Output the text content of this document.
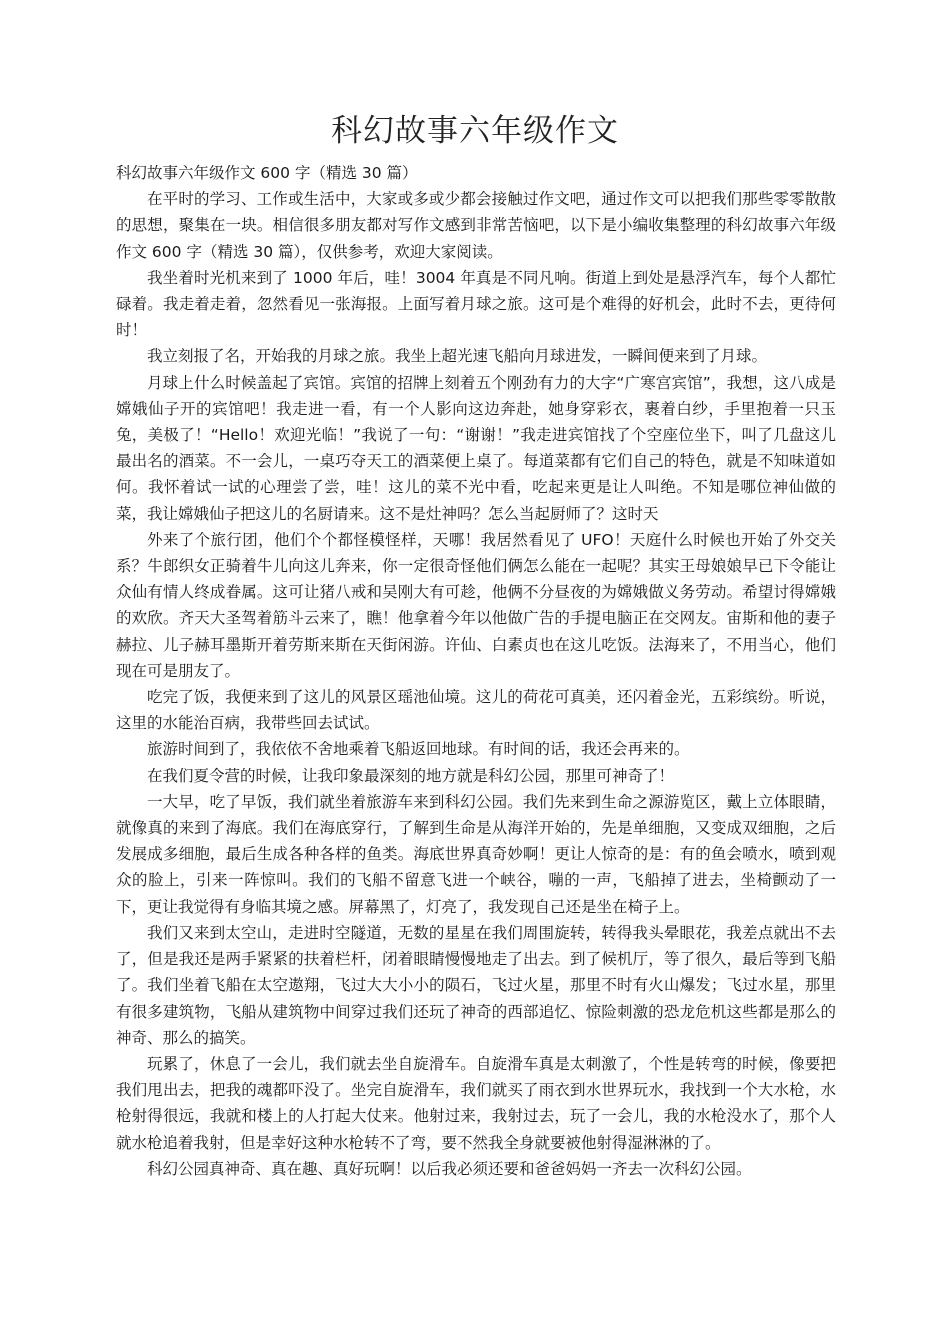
科幻故事六年级作文

科幻故事六年级作文 600 字（精选 30 篇）

在平时的学习、工作或生活中，大家或多或少都会接触过作文吧，通过作文可以把我们那些零零散散的思想，聚集在一块。相信很多朋友都对写作文感到非常苦恼吧，以下是小编收集整理的科幻故事六年级作文 600 字（精选 30 篇），仅供参考，欢迎大家阅读。

我坐着时光机来到了 1000 年后，哇！3004 年真是不同凡响。街道上到处是悬浮汽车，每个人都忙碌着。我走着走着，忽然看见一张海报。上面写着月球之旅。这可是个难得的好机会，此时不去，更待何时！

我立刻报了名，开始我的月球之旅。我坐上超光速飞船向月球进发，一瞬间便来到了月球。

月球上什么时候盖起了宾馆。宾馆的招牌上刻着五个刚劲有力的大字“广寒宫宾馆”，我想，这八成是嫦娥仙子开的宾馆吧！我走进一看，有一个人影向这边奔赴，她身穿彩衣，裹着白纱，手里抱着一只玉兔，美极了！“Hello！欢迎光临！”我说了一句：“谢谢！”我走进宾馆找了个空座位坐下，叫了几盘这儿最出名的酒菜。不一会儿，一桌巧夺天工的酒菜便上桌了。每道菜都有它们自己的特色，就是不知味道如何。我怀着试一试的心理尝了尝，哇！这儿的菜不光中看，吃起来更是让人叫绝。不知是哪位神仙做的菜，我让嫦娥仙子把这儿的名厨请来。这不是灶神吗？怎么当起厨师了？这时天

外来了个旅行团，他们个个都怪模怪样，天哪！我居然看见了 UFO！天庭什么时候也开始了外交关系？牛郎织女正骑着牛儿向这儿奔来，你一定很奇怪他们俩怎么能在一起呢？其实王母娘娘早已下令能让众仙有情人终成眷属。这可让猪八戒和吴刚大有可趁，他俩不分昼夜的为嫦娥做义务劳动。希望讨得嫦娥的欢欣。齐天大圣驾着筋斗云来了，瞧！他拿着今年以他做广告的手提电脑正在交网友。宙斯和他的妻子赫拉、儿子赫耳墨斯开着劳斯来斯在天街闲游。许仙、白素贞也在这儿吃饭。法海来了，不用当心，他们现在可是朋友了。

吃完了饭，我便来到了这儿的风景区瑶池仙境。这儿的荷花可真美，还闪着金光，五彩缤纷。听说，这里的水能治百病，我带些回去试试。

旅游时间到了，我依依不舍地乘着飞船返回地球。有时间的话，我还会再来的。

在我们夏令营的时候，让我印象最深刻的地方就是科幻公园，那里可神奇了！

一大早，吃了早饭，我们就坐着旅游车来到科幻公园。我们先来到生命之源游览区，戴上立体眼睛，就像真的来到了海底。我们在海底穿行，了解到生命是从海洋开始的，先是单细胞，又变成双细胞，之后发展成多细胞，最后生成各种各样的鱼类。海底世界真奇妙啊！更让人惊奇的是：有的鱼会喷水，喷到观众的脸上，引来一阵惊叫。我们的飞船不留意飞进一个峡谷，嘣的一声，飞船掉了进去，坐椅颤动了一下，更让我觉得有身临其境之感。屏幕黑了，灯亮了，我发现自己还是坐在椅子上。

我们又来到太空山，走进时空隧道，无数的星星在我们周围旋转，转得我头晕眼花，我差点就出不去了，但是我还是两手紧紧的扶着栏杆，闭着眼睛慢慢地走了出去。到了候机厅，等了很久，最后等到飞船了。我们坐着飞船在太空遨翔，飞过大大小小的陨石，飞过火星，那里不时有火山爆发；飞过水星，那里有很多建筑物，飞船从建筑物中间穿过我们还玩了神奇的西部追忆、惊险刺激的恐龙危机这些都是那么的神奇、那么的搞笑。

玩累了，休息了一会儿，我们就去坐自旋滑车。自旋滑车真是太刺激了，个性是转弯的时候，像要把我们甩出去，把我的魂都吓没了。坐完自旋滑车，我们就买了雨衣到水世界玩水，我找到一个大水枪，水枪射得很远，我就和楼上的人打起大仗来。他射过来，我射过去，玩了一会儿，我的水枪没水了，那个人就水枪追着我射，但是幸好这种水枪转不了弯，要不然我全身就要被他射得湿淋淋的了。

科幻公园真神奇、真在趣、真好玩啊！以后我必须还要和爸爸妈妈一齐去一次科幻公园。
